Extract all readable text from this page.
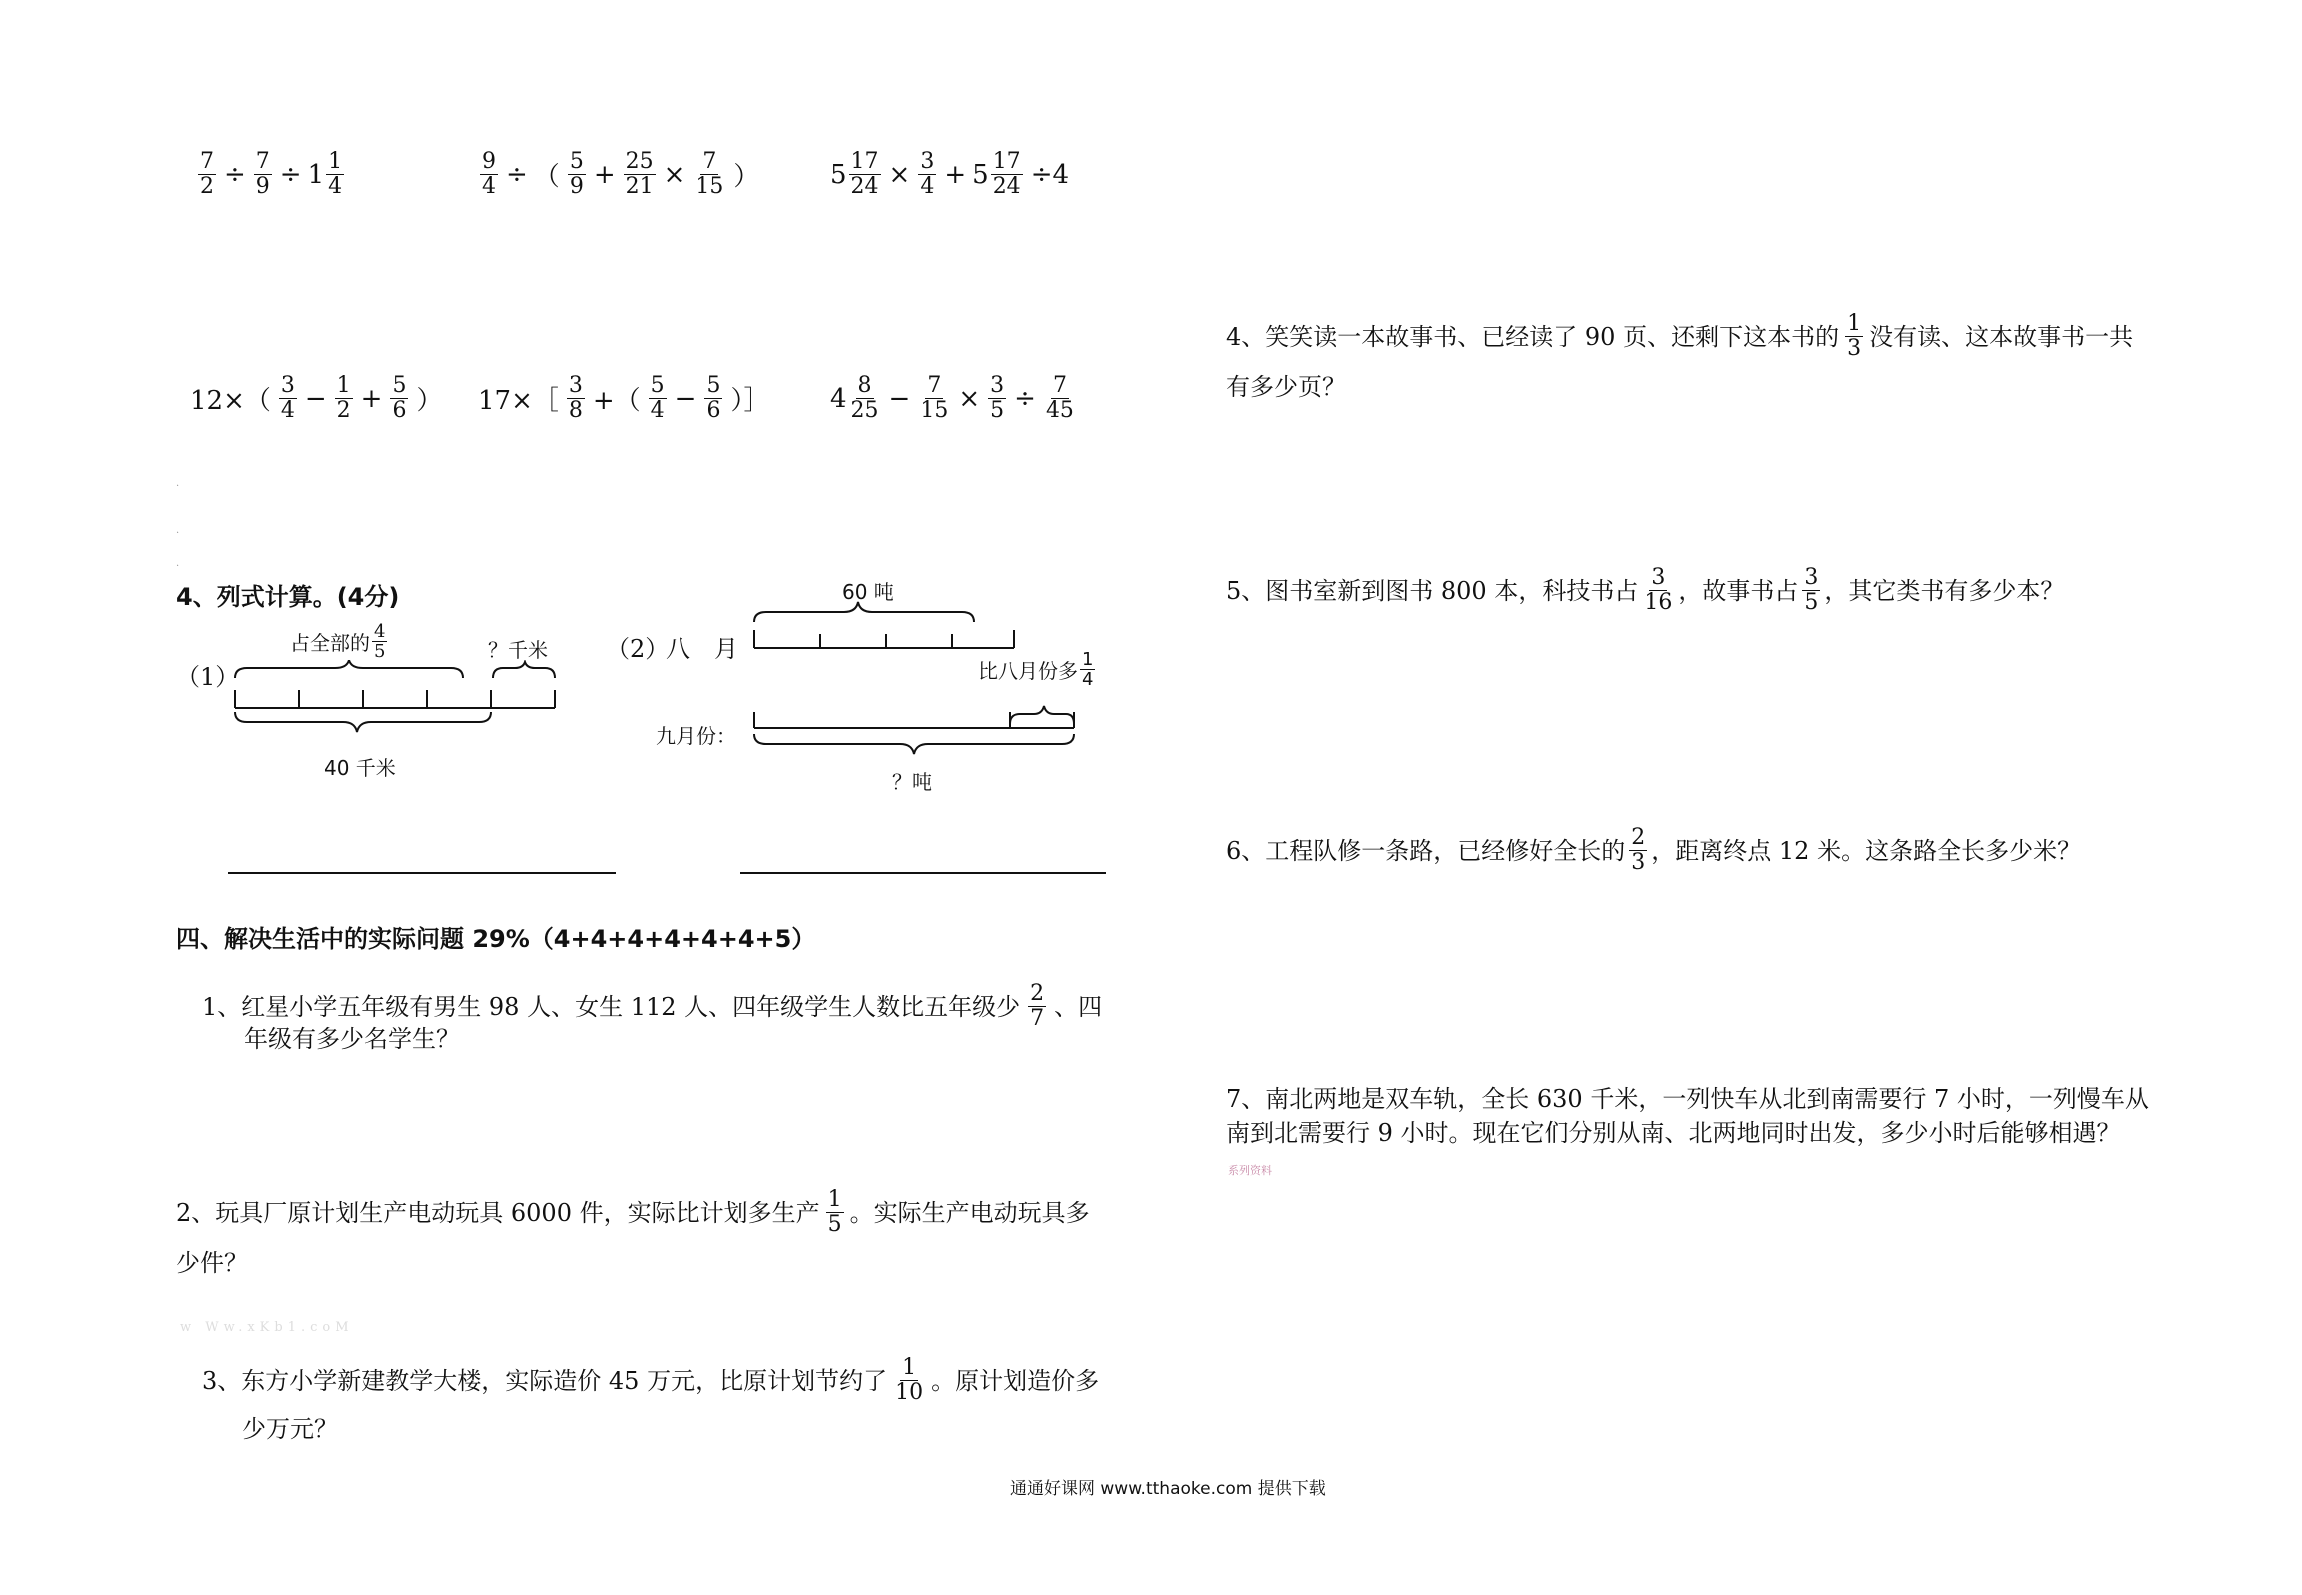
$\frac{7}{2} \div \frac{7}{9} \div 1 \frac{1}{4}$	$\frac{9}{4}$ ÷ （ $\frac{5}{9} + \frac{25}{21} \times \frac{7}{15}$ ）	$5 \frac{17}{24} \times \frac{3}{4} + 5 \frac{17}{24} \div 4$
$12\times( \frac{3}{4} - \frac{1}{2} + \frac{5}{6}$ ） 17×［ $\frac{3}{8}$ +（ $\frac{5}{4} - \frac{5}{6}$ ）］ $4 \frac{8}{25} - \frac{7}{15} \times \frac{3}{5} \div \frac{7}{45}$
.
.
.
4、列式计算。(4分)
（1）
占全部的 $\frac{4}{5}$	？千米
40 千米
（2）
八　月
60 吨
比八月份多 $\frac{1}{4}$
九月份：
？吨
四、解决生活中的实际问题 29%（4+4+4+4+4+4+5）
1、红星小学五年级有男生 98 人、女生 112 人、四年级学生人数比五年级少 $\frac{2}{7}$ 、四
年级有多少名学生？
2、玩具厂原计划生产电动玩具 6000 件，实际比计划多生产 $\frac{1}{5}$ 。实际生产电动玩具多
少件？
w Ww.xKb1.coM
3、东方小学新建教学大楼，实际造价 45 万元，比原计划节约了 $\frac{1}{10}$ 。原计划造价多
少万元？
4、笑笑读一本故事书、已经读了 90 页、还剩下这本书的 $\frac{1}{3}$ 没有读、这本故事书一共
有多少页？
5、图书室新到图书 800 本，科技书占 $\frac{3}{16}$ ，故事书占 $\frac{3}{5}$ ，其它类书有多少本？
6、工程队修一条路，已经修好全长的 $\frac{2}{3}$ ，距离终点 12 米。这条路全长多少米？
7、南北两地是双车轨，全长 630 千米，一列快车从北到南需要行 7 小时，一列慢车从
南到北需要行 9 小时。现在它们分别从南、北两地同时出发，多少小时后能够相遇？
系列资料
通通好课网 www.tthaoke.com 提供下载
